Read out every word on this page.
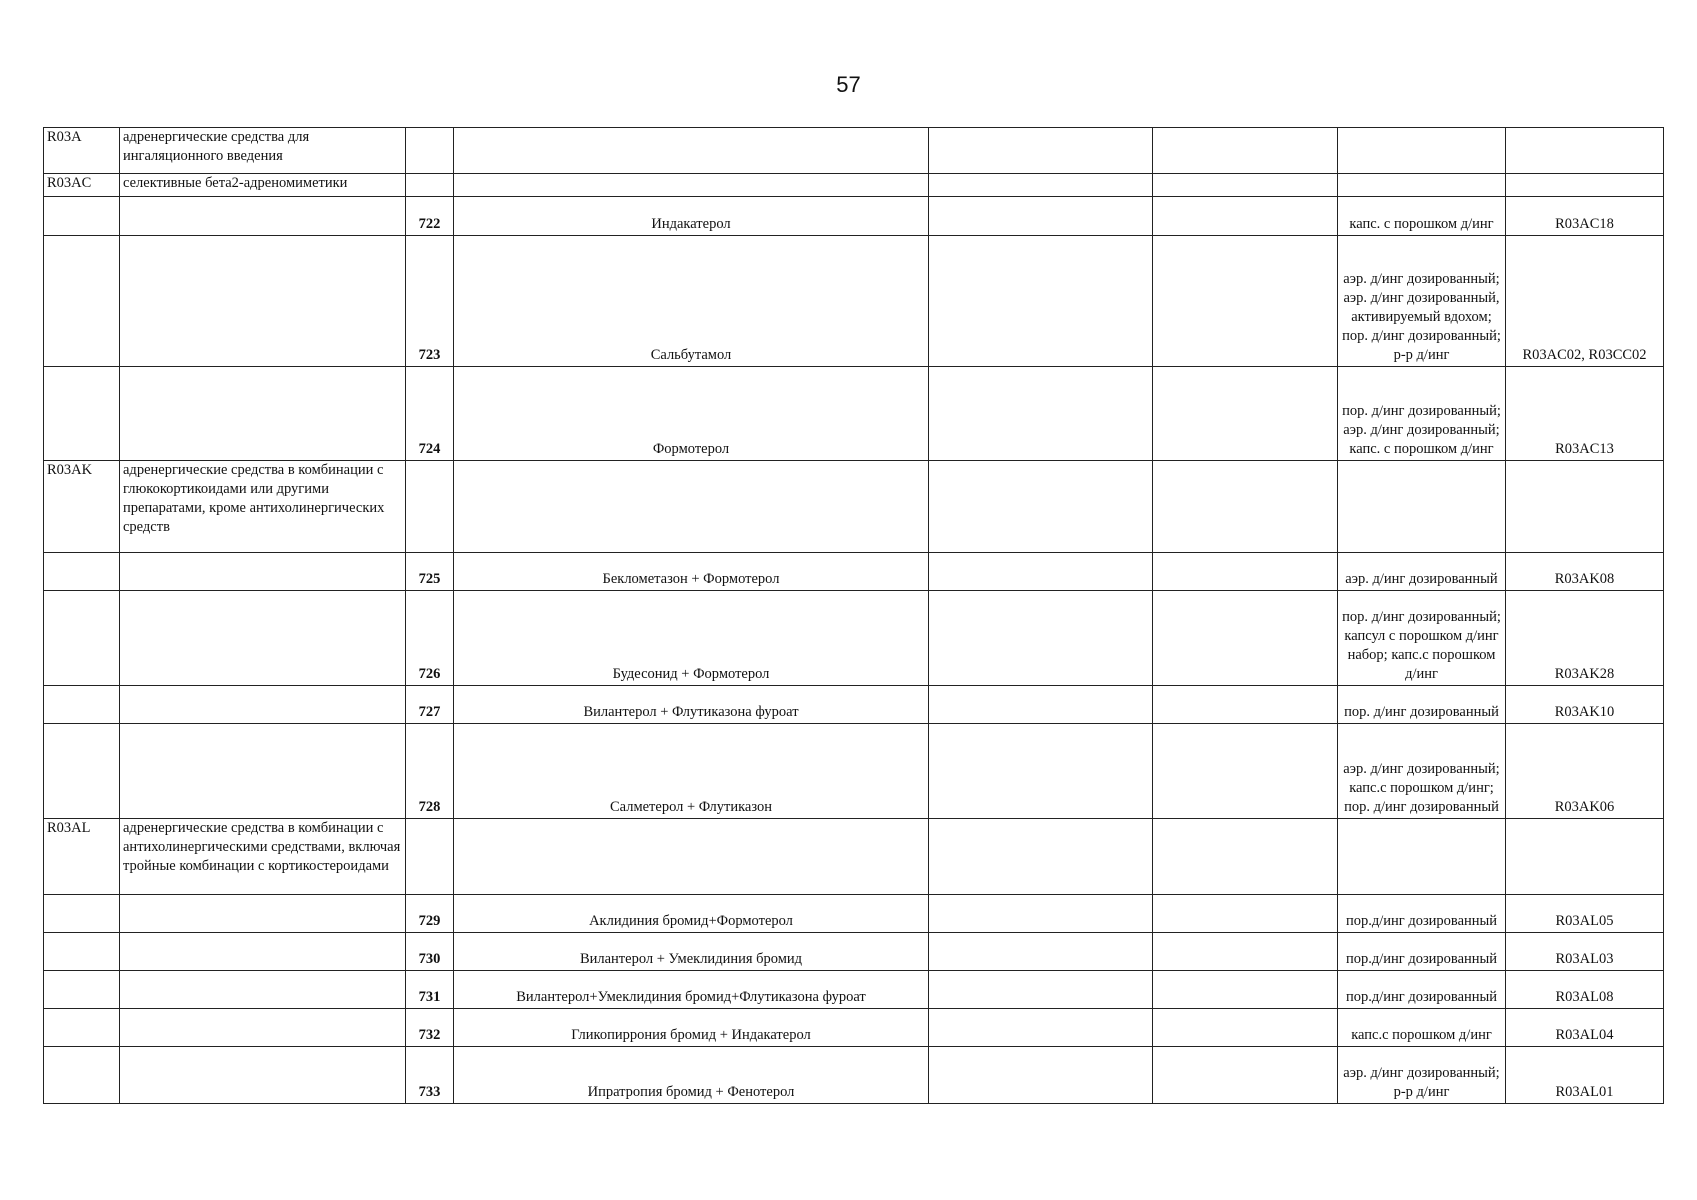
57
R03A	адренергические средства для ингаляционного введения						
R03AC	селективные бета2-адреномиметики						
		722	Индакатерол			капс. с порошком д/инг	R03AC18
		723	Сальбутамол			аэр. д/инг дозированный; аэр. д/инг дозированный, активируемый вдохом; пор. д/инг дозированный; р-р д/инг	R03AC02, R03CC02
		724	Формотерол			пор. д/инг дозированный; аэр. д/инг дозированный; капс. с порошком д/инг	R03AC13
R03AK	адренергические средства в комбинации с глюкокортикоидами или другими препаратами, кроме антихолинергических средств						
		725	Беклометазон + Формотерол			аэр. д/инг дозированный	R03AK08
		726	Будесонид + Формотерол			пор. д/инг дозированный; капсул с порошком д/инг набор; капс.с порошком д/инг	R03AK28
		727	Вилантерол + Флутиказона фуроат			пор. д/инг дозированный	R03AK10
		728	Салметерол + Флутиказон			аэр. д/инг дозированный; капс.с порошком д/инг; пор. д/инг дозированный	R03AK06
R03AL	адренергические средства в комбинации с антихолинергическими средствами, включая тройные комбинации с кортикостероидами						
		729	Аклидиния бромид+Формотерол			пор.д/инг дозированный	R03AL05
		730	Вилантерол + Умеклидиния бромид			пор.д/инг дозированный	R03AL03
		731	Вилантерол+Умеклидиния бромид+Флутиказона фуроат			пор.д/инг дозированный	R03AL08
		732	Гликопиррония бромид + Индакатерол			капс.с порошком д/инг	R03AL04
		733	Ипратропия бромид + Фенотерол			аэр. д/инг дозированный; р-р д/инг	R03AL01
